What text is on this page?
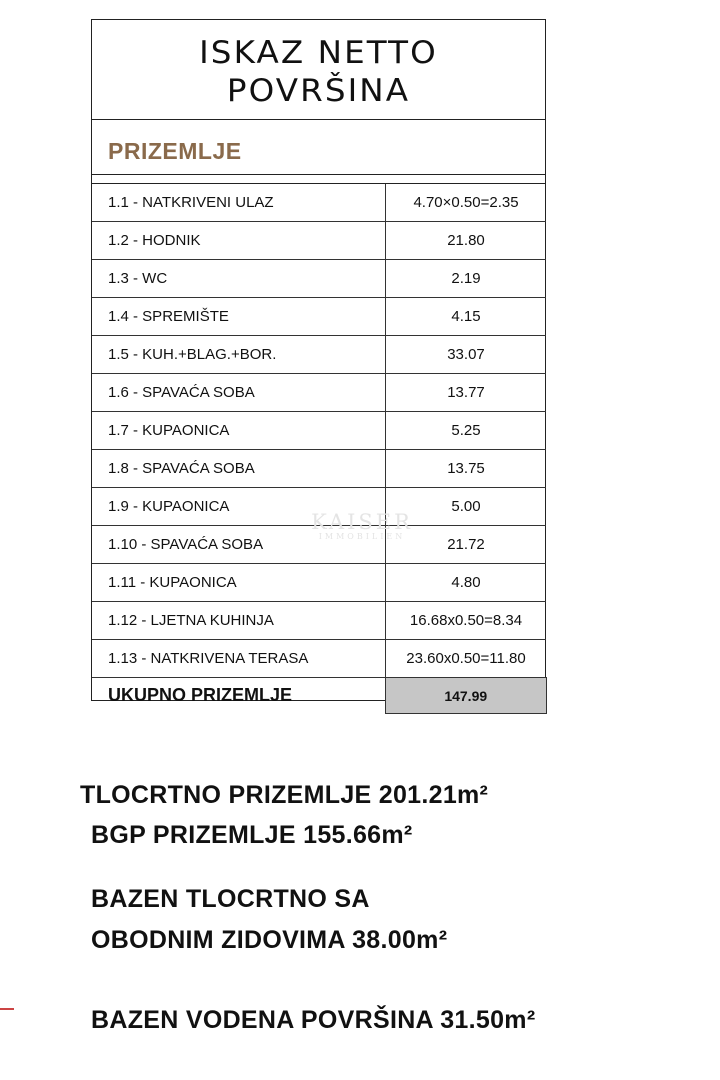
ISKAZ NETTO
POVRŠINA
PRIZEMLJE
1.1 - NATKRIVENI ULAZ	4.70×0.50=2.35
1.2 - HODNIK	21.80
1.3 - WC	2.19
1.4 - SPREMIŠTE	4.15
1.5 - KUH.+BLAG.+BOR.	33.07
1.6 - SPAVAĆA SOBA	13.77
1.7 - KUPAONICA	5.25
1.8 - SPAVAĆA SOBA	13.75
1.9 - KUPAONICA	5.00
1.10 - SPAVAĆA SOBA	21.72
1.11 - KUPAONICA	4.80
1.12 - LJETNA KUHINJA	16.68x0.50=8.34
1.13 - NATKRIVENA TERASA	23.60x0.50=11.80
UKUPNO PRIZEMLJE	147.99
KAISER
IMMOBILIEN
TLOCRTNO PRIZEMLJE 201.21m²
BGP PRIZEMLJE 155.66m²
BAZEN TLOCRTNO SA
OBODNIM ZIDOVIMA 38.00m²
BAZEN VODENA POVRŠINA 31.50m²
